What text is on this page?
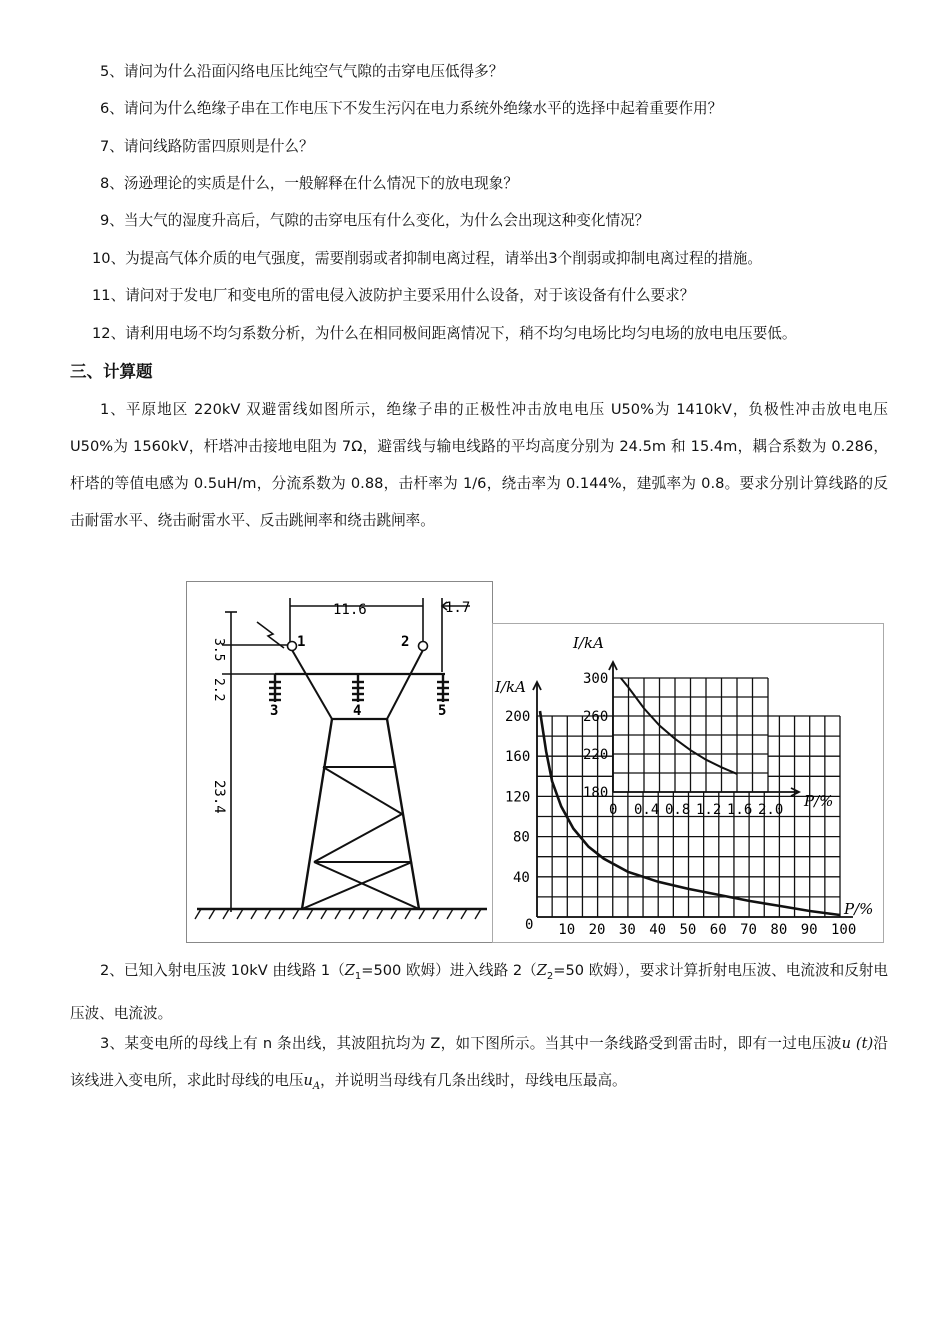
5、请问为什么沿面闪络电压比纯空气气隙的击穿电压低得多？
6、请问为什么绝缘子串在工作电压下不发生污闪在电力系统外绝缘水平的选择中起着重要作用？
7、请问线路防雷四原则是什么？
8、汤逊理论的实质是什么，一般解释在什么情况下的放电现象？
9、当大气的湿度升高后，气隙的击穿电压有什么变化，为什么会出现这种变化情况？
10、为提高气体介质的电气强度，需要削弱或者抑制电离过程，请举出3个削弱或抑制电离过程的措施。
11、请问对于发电厂和变电所的雷电侵入波防护主要采用什么设备，对于该设备有什么要求？
12、请利用电场不均匀系数分析，为什么在相同极间距离情况下，稍不均匀电场比均匀电场的放电电压要低。
三、计算题
1、平原地区 220kV 双避雷线如图所示，绝缘子串的正极性冲击放电电压 U50%为 1410kV，负极性冲击放电电压 U50%为 1560kV，杆塔冲击接地电阻为 7Ω，避雷线与输电线路的平均高度分别为 24.5m 和 15.4m，耦合系数为 0.286，杆塔的等值电感为 0.5uH/m，分流系数为 0.88，击杆率为 1/6，绕击率为 0.144%，建弧率为 0.8。要求分别计算线路的反击耐雷水平、绕击耐雷水平、反击跳闸率和绕击跳闸率。
11.6	1.7
3.5
2.2
23.4
1	2
3	4	5
I/kA
I/kA
P/%
P/%
10 20 30 40 50 60 70 80 90 100
0
40
80
120
160
200
0 0.4 0.8 1.2 1.6 2.0
180
220
260
300
2、已知入射电压波 10kV 由线路 $1(Z_1=500$ 欧姆）进入线路 $2(Z_2=50$ 欧姆），要求计算折射电压波、电流波和反射电压波、电流波。
3、某变电所的母线上有 n 条出线，其波阻抗均为 Z，如下图所示。当其中一条线路受到雷击时，即有一过电压波u (t)沿该线进入变电所，求此时母线的电压$u_A$，并说明当母线有几条出线时，母线电压最高。
